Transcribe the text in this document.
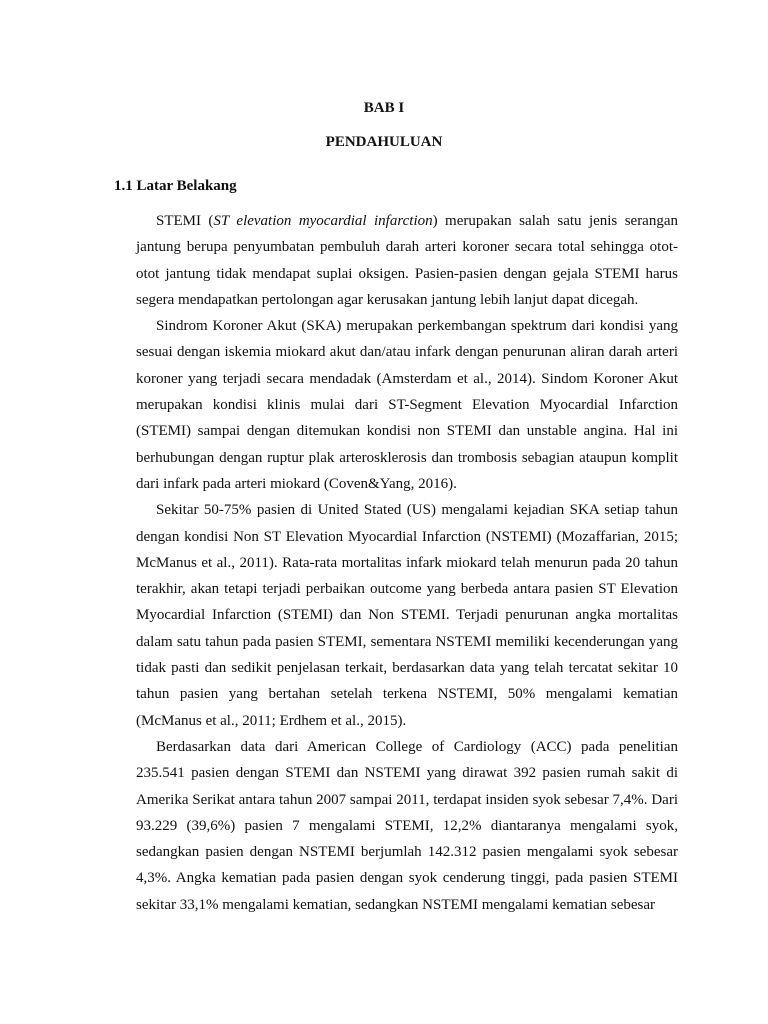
BAB I
PENDAHULUAN
1.1 Latar Belakang

STEMI (ST elevation myocardial infarction) merupakan salah satu jenis serangan jantung berupa penyumbatan pembuluh darah arteri koroner secara total sehingga otot-otot jantung tidak mendapat suplai oksigen. Pasien-pasien dengan gejala STEMI harus segera mendapatkan pertolongan agar kerusakan jantung lebih lanjut dapat dicegah.

Sindrom Koroner Akut (SKA) merupakan perkembangan spektrum dari kondisi yang sesuai dengan iskemia miokard akut dan/atau infark dengan penurunan aliran darah arteri koroner yang terjadi secara mendadak (Amsterdam et al., 2014). Sindom Koroner Akut merupakan kondisi klinis mulai dari ST-Segment Elevation Myocardial Infarction (STEMI) sampai dengan ditemukan kondisi non STEMI dan unstable angina. Hal ini berhubungan dengan ruptur plak arterosklerosis dan trombosis sebagian ataupun komplit dari infark pada arteri miokard (Coven&Yang, 2016).

Sekitar 50-75% pasien di United Stated (US) mengalami kejadian SKA setiap tahun dengan kondisi Non ST Elevation Myocardial Infarction (NSTEMI) (Mozaffarian, 2015; McManus et al., 2011). Rata-rata mortalitas infark miokard telah menurun pada 20 tahun terakhir, akan tetapi terjadi perbaikan outcome yang berbeda antara pasien ST Elevation Myocardial Infarction (STEMI) dan Non STEMI. Terjadi penurunan angka mortalitas dalam satu tahun pada pasien STEMI, sementara NSTEMI memiliki kecenderungan yang tidak pasti dan sedikit penjelasan terkait, berdasarkan data yang telah tercatat sekitar 10 tahun pasien yang bertahan setelah terkena NSTEMI, 50% mengalami kematian (McManus et al., 2011; Erdhem et al., 2015).

Berdasarkan data dari American College of Cardiology (ACC) pada penelitian 235.541 pasien dengan STEMI dan NSTEMI yang dirawat 392 pasien rumah sakit di Amerika Serikat antara tahun 2007 sampai 2011, terdapat insiden syok sebesar 7,4%. Dari 93.229 (39,6%) pasien 7 mengalami STEMI, 12,2% diantaranya mengalami syok, sedangkan pasien dengan NSTEMI berjumlah 142.312 pasien mengalami syok sebesar 4,3%. Angka kematian pada pasien dengan syok cenderung tinggi, pada pasien STEMI sekitar 33,1% mengalami kematian, sedangkan NSTEMI mengalami kematian sebesar
